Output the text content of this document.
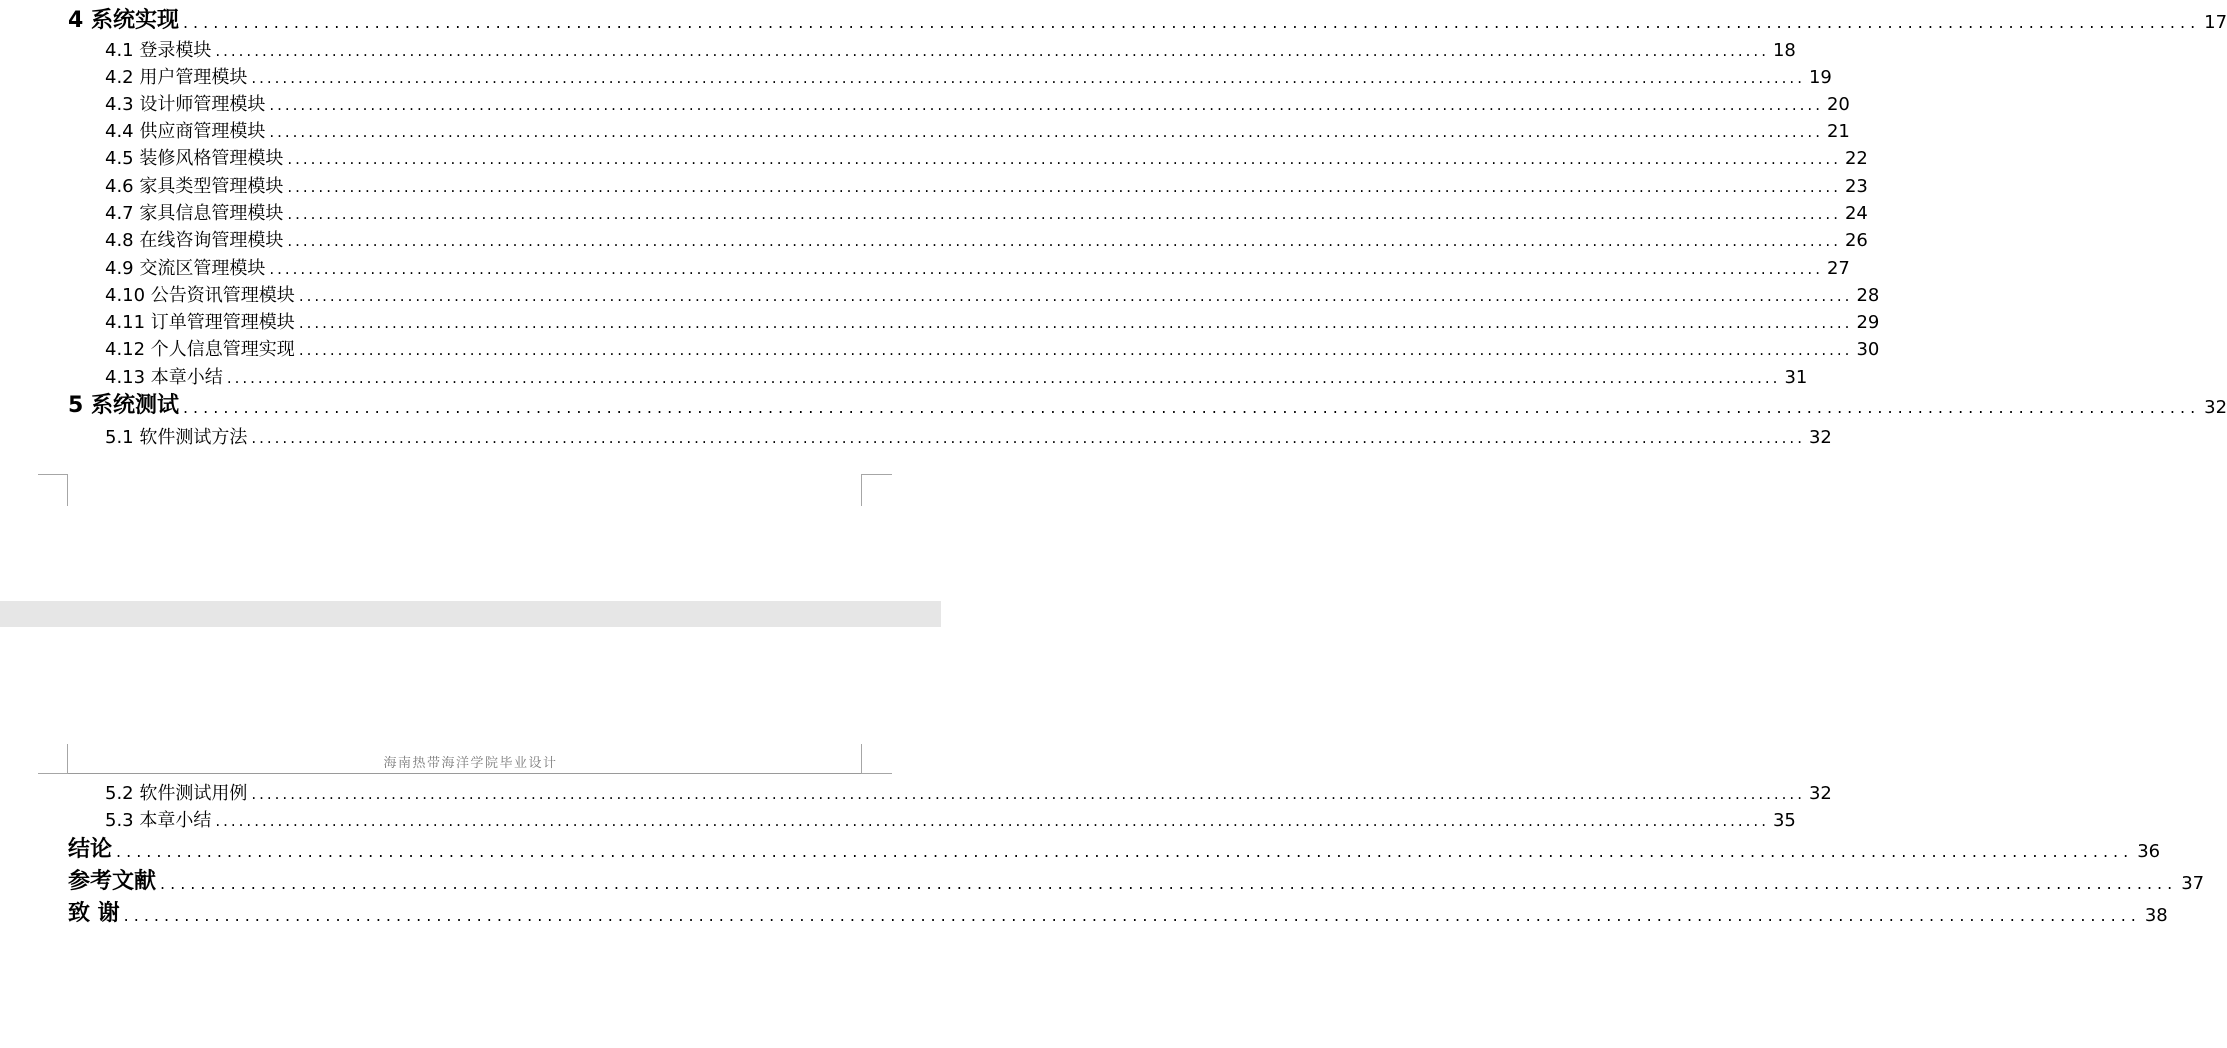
4 系统实现 ........................................................................................................................................................................................................ 17
4.1 登录模块 ........................................................................................................................................................................................................ 18
4.2 用户管理模块 ........................................................................................................................................................................................................ 19
4.3 设计师管理模块 ........................................................................................................................................................................................................ 20
4.4 供应商管理模块 ........................................................................................................................................................................................................ 21
4.5 装修风格管理模块 ........................................................................................................................................................................................................ 22
4.6 家具类型管理模块 ........................................................................................................................................................................................................ 23
4.7 家具信息管理模块 ........................................................................................................................................................................................................ 24
4.8 在线咨询管理模块 ........................................................................................................................................................................................................ 26
4.9 交流区管理模块 ........................................................................................................................................................................................................ 27
4.10 公告资讯管理模块 ........................................................................................................................................................................................................ 28
4.11 订单管理管理模块 ........................................................................................................................................................................................................ 29
4.12 个人信息管理实现 ........................................................................................................................................................................................................ 30
4.13 本章小结 ........................................................................................................................................................................................................ 31
5 系统测试 ........................................................................................................................................................................................................ 32
5.1 软件测试方法 ........................................................................................................................................................................................................ 32
海南热带海洋学院毕业设计
5.2 软件测试用例 ........................................................................................................................................................................................................ 32
5.3 本章小结 ........................................................................................................................................................................................................ 35
结论 ........................................................................................................................................................................................................ 36
参考文献 ........................................................................................................................................................................................................ 37
致 谢 ........................................................................................................................................................................................................ 38
